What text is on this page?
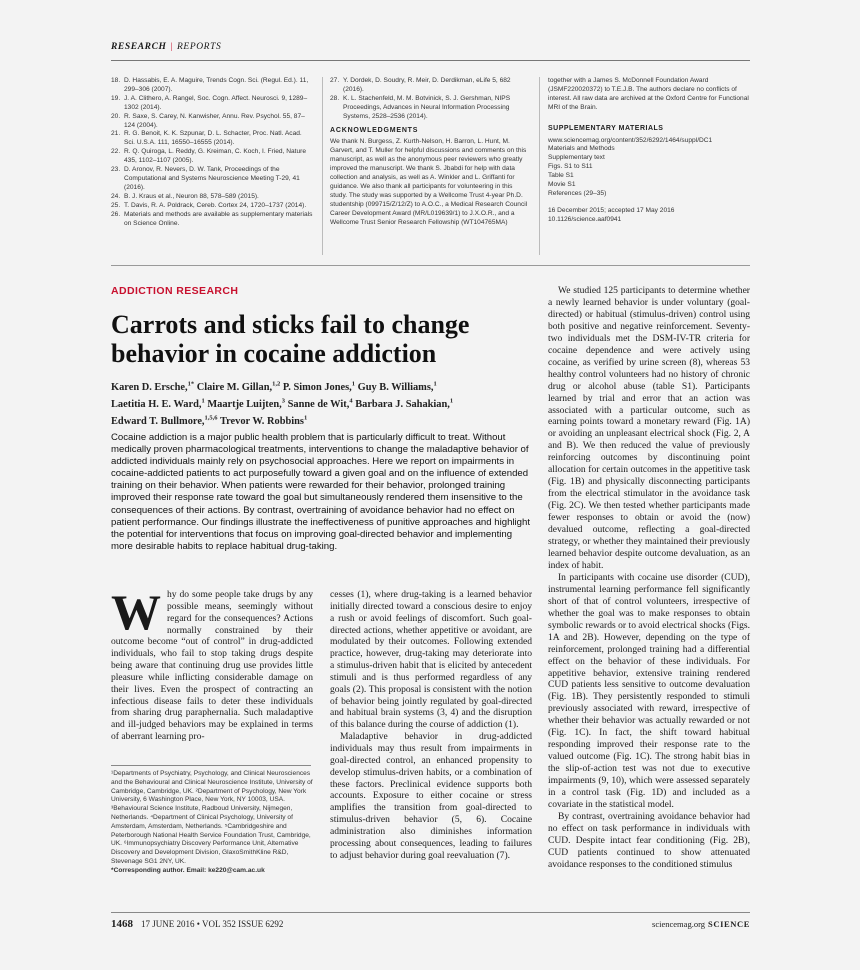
RESEARCH | REPORTS
18. D. Hassabis, E. A. Maguire, Trends Cogn. Sci. (Regul. Ed.). 11, 299–306 (2007).
19. J. A. Clithero, A. Rangel, Soc. Cogn. Affect. Neurosci. 9, 1289–1302 (2014).
20. R. Saxe, S. Carey, N. Kanwisher, Annu. Rev. Psychol. 55, 87–124 (2004).
21. R. G. Benoit, K. K. Szpunar, D. L. Schacter, Proc. Natl. Acad. Sci. U.S.A. 111, 16550–16555 (2014).
22. R. Q. Quiroga, L. Reddy, G. Kreiman, C. Koch, I. Fried, Nature 435, 1102–1107 (2005).
23. D. Aronov, R. Nevers, D. W. Tank, Proceedings of the Computational and Systems Neuroscience Meeting T-29, 41 (2016).
24. B. J. Kraus et al., Neuron 88, 578–589 (2015).
25. T. Davis, R. A. Poldrack, Cereb. Cortex 24, 1720–1737 (2014).
26. Materials and methods are available as supplementary materials on Science Online.
27. Y. Dordek, D. Soudry, R. Meir, D. Derdikman, eLife 5, 682 (2016).
28. K. L. Stachenfeld, M. M. Botvinick, S. J. Gershman, NIPS Proceedings, Advances in Neural Information Processing Systems, 2528–2536 (2014).
ACKNOWLEDGMENTS
We thank N. Burgess, Z. Kurth-Nelson, H. Barron, L. Hunt, M. Garvert, and T. Muller for helpful discussions and comments on this manuscript, as well as the anonymous peer reviewers who greatly improved the manuscript. We thank S. Jbabdi for help with data collection and analysis, as well as A. Winkler and L. Griffanti for guidance. We also thank all participants for volunteering in this study. The study was supported by a Wellcome Trust 4-year Ph.D. studentship (099715/Z/12/Z) to A.O.C., a Medical Research Council Career Development Award (MR/L019639/1) to J.X.O.R., and a Wellcome Trust Senior Research Fellowship (WT104765MA)
together with a James S. McDonnell Foundation Award (JSMF220020372) to T.E.J.B. The authors declare no conflicts of interest. All raw data are archived at the Oxford Centre for Functional MRI of the Brain.
SUPPLEMENTARY MATERIALS
www.sciencemag.org/content/352/6292/1464/suppl/DC1
Materials and Methods
Supplementary text
Figs. S1 to S11
Table S1
Movie S1
References (29–35)
16 December 2015; accepted 17 May 2016
10.1126/science.aaf0941
ADDICTION RESEARCH
Carrots and sticks fail to change behavior in cocaine addiction
Karen D. Ersche,$^{1*}$ Claire M. Gillan,$^{1,2}$ P. Simon Jones,$^1$ Guy B. Williams,$^1$
Laetitia H. E. Ward,$^1$ Maartje Luijten,$^3$ Sanne de Wit,$^4$ Barbara J. Sahakian,$^1$
Edward T. Bullmore,$^{1,5,6}$ Trevor W. Robbins$^1$
Cocaine addiction is a major public health problem that is particularly difficult to treat. Without medically proven pharmacological treatments, interventions to change the maladaptive behavior of addicted individuals mainly rely on psychosocial approaches. Here we report on impairments in cocaine-addicted patients to act purposefully toward a given goal and on the influence of extended training on their behavior. When patients were rewarded for their behavior, prolonged training improved their response rate toward the goal but simultaneously rendered them insensitive to the consequences of their actions. By contrast, overtraining of avoidance behavior had no effect on patient performance. Our findings illustrate the ineffectiveness of punitive approaches and highlight the potential for interventions that focus on improving goal-directed behavior and implementing more desirable habits to replace habitual drug-taking.

Why do some people take drugs by any possible means, seemingly without regard for the consequences? Actions normally constrained by their outcome become “out of control” in drug-addicted individuals, who fail to stop taking drugs despite being aware that continuing drug use provides little pleasure while inflicting considerable damage on their lives. Even the prospect of contracting an infectious disease fails to deter these individuals from sharing drug paraphernalia. Such maladaptive and ill-judged behaviors may be explained in terms of aberrant learning pro-

¹Departments of Psychiatry, Psychology, and Clinical Neurosciences and the Behavioural and Clinical Neuroscience Institute, University of Cambridge, Cambridge, UK. ²Department of Psychology, New York University, 6 Washington Place, New York, NY 10003, USA. ³Behavioural Science Institute, Radboud University, Nijmegen, Netherlands. ⁴Department of Clinical Psychology, University of Amsterdam, Amsterdam, Netherlands. ⁵Cambridgeshire and Peterborough National Health Service Foundation Trust, Cambridge, UK. ⁶Immunopsychiatry Discovery Performance Unit, Alternative Discovery and Development Division, GlaxoSmithKline R&D, Stevenage SG1 2NY, UK.
*Corresponding author. Email: ke220@cam.ac.uk

cesses (1), where drug-taking is a learned behavior initially directed toward a conscious desire to enjoy a rush or avoid feelings of discomfort. Such goal-directed actions, whether appetitive or avoidant, are modulated by their outcomes. Following extended practice, however, drug-taking may deteriorate into a stimulus-driven habit that is elicited by antecedent stimuli and is thus performed regardless of any goals (2). This proposal is consistent with the notion of behavior being jointly regulated by goal-directed and habitual brain systems (3, 4) and the disruption of this balance during the course of addiction (1).

Maladaptive behavior in drug-addicted individuals may thus result from impairments in goal-directed control, an enhanced propensity to develop stimulus-driven habits, or a combination of these factors. Preclinical evidence supports both accounts. Exposure to either cocaine or stress amplifies the transition from goal-directed to stimulus-driven behavior (5, 6). Cocaine administration also diminishes information processing about consequences, leading to failures to adjust behavior during goal reevaluation (7).

We studied 125 participants to determine whether a newly learned behavior is under voluntary (goal-directed) or habitual (stimulus-driven) control using both positive and negative reinforcement. Seventy-two individuals met the DSM-IV-TR criteria for cocaine dependence and were actively using cocaine, as verified by urine screen (8), whereas 53 healthy control volunteers had no history of chronic drug or alcohol abuse (table S1). Participants learned by trial and error that an action was associated with a particular outcome, such as earning points toward a monetary reward (Fig. 1A) or avoiding an unpleasant electrical shock (Fig. 2, A and B). We then reduced the value of previously reinforcing outcomes by discontinuing point allocation for certain outcomes in the appetitive task (Fig. 1B) and physically disconnecting participants from the electrical stimulator in the avoidance task (Fig. 2C). We then tested whether participants made fewer responses to obtain or avoid the (now) devalued outcome, reflecting a goal-directed strategy, or whether they maintained their previously learned behavior despite outcome devaluation, as an index of habit.

In participants with cocaine use disorder (CUD), instrumental learning performance fell significantly short of that of control volunteers, irrespective of whether the goal was to make responses to obtain symbolic rewards or to avoid electrical shocks (Figs. 1A and 2B). However, depending on the type of reinforcement, prolonged training had a differential effect on the behavior of these individuals. For appetitive behavior, extensive training rendered CUD patients less sensitive to outcome devaluation (Fig. 1B). They persistently responded to stimuli previously associated with reward, irrespective of whether their behavior was actually rewarded or not (Fig. 1C). In fact, the shift toward habitual responding improved their response rate to the valued outcome (Fig. 1C). The strong habit bias in the slip-of-action test was not due to executive impairments (9, 10), which were assessed separately in a control task (Fig. 1D) and included as a covariate in the statistical model.

By contrast, overtraining avoidance behavior had no effect on task performance in individuals with CUD. Despite intact fear conditioning (Fig. 2B), CUD patients continued to show attenuated avoidance responses to the conditioned stimulus

1468 17 JUNE 2016 • VOL 352 ISSUE 6292	sciencemag.org SCIENCE
